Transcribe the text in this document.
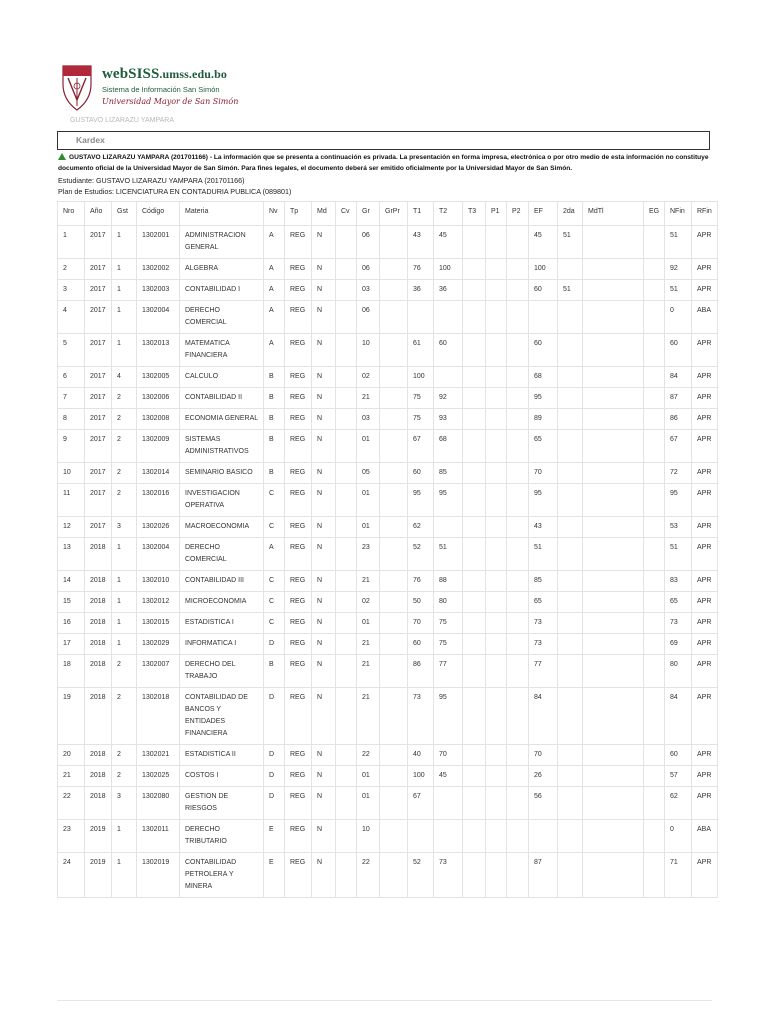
webSISS.umss.edu.bo
Sistema de Información San Simón
Universidad Mayor de San Simón
GUSTAVO LIZARAZU YAMPARA
Kardex
GUSTAVO LIZARAZU YAMPARA (201701166) - La información que se presenta a continuación es privada. La presentación en forma impresa, electrónica o por otro medio de esta información no constituye documento oficial de la Universidad Mayor de San Simón. Para fines legales, el documento deberá ser emitido oficialmente por la Universidad Mayor de San Simón.
Estudiante: GUSTAVO LIZARAZU YAMPARA (201701166)
Plan de Estudios: LICENCIATURA EN CONTADURIA PUBLICA (089801)
Nro	Año	Gst	Código	Materia	Nv	Tp	Md	Cv	Gr	GrPr	T1	T2	T3	P1	P2	EF	2da	MdTl	EG	NFin	RFin
1	2017	1	1302001	ADMINISTRACION GENERAL	A	REG	N		06		43	45				45	51			51	APR
2	2017	1	1302002	ALGEBRA	A	REG	N		06		76	100				100				92	APR
3	2017	1	1302003	CONTABILIDAD I	A	REG	N		03		36	36				60	51			51	APR
4	2017	1	1302004	DERECHO COMERCIAL	A	REG	N		06											0	ABA
5	2017	1	1302013	MATEMATICA FINANCIERA	A	REG	N		10		61	60				60				60	APR
6	2017	4	1302005	CALCULO	B	REG	N		02		100					68				84	APR
7	2017	2	1302006	CONTABILIDAD II	B	REG	N		21		75	92				95				87	APR
8	2017	2	1302008	ECONOMIA GENERAL	B	REG	N		03		75	93				89				86	APR
9	2017	2	1302009	SISTEMAS ADMINISTRATIVOS	B	REG	N		01		67	68				65				67	APR
10	2017	2	1302014	SEMINARIO BASICO	B	REG	N		05		60	85				70				72	APR
11	2017	2	1302016	INVESTIGACION OPERATIVA	C	REG	N		01		95	95				95				95	APR
12	2017	3	1302026	MACROECONOMIA	C	REG	N		01		62					43				53	APR
13	2018	1	1302004	DERECHO COMERCIAL	A	REG	N		23		52	51				51				51	APR
14	2018	1	1302010	CONTABILIDAD III	C	REG	N		21		76	88				85				83	APR
15	2018	1	1302012	MICROECONOMIA	C	REG	N		02		50	80				65				65	APR
16	2018	1	1302015	ESTADISTICA I	C	REG	N		01		70	75				73				73	APR
17	2018	1	1302029	INFORMATICA I	D	REG	N		21		60	75				73				69	APR
18	2018	2	1302007	DERECHO DEL TRABAJO	B	REG	N		21		86	77				77				80	APR
19	2018	2	1302018	CONTABILIDAD DE BANCOS Y ENTIDADES FINANCIERA	D	REG	N		21		73	95				84				84	APR
20	2018	2	1302021	ESTADISTICA II	D	REG	N		22		40	70				70				60	APR
21	2018	2	1302025	COSTOS I	D	REG	N		01		100	45				26				57	APR
22	2018	3	1302080	GESTION DE RIESGOS	D	REG	N		01		67					56				62	APR
23	2019	1	1302011	DERECHO TRIBUTARIO	E	REG	N		10											0	ABA
24	2019	1	1302019	CONTABILIDAD PETROLERA Y MINERA	E	REG	N		22		52	73				87				71	APR
